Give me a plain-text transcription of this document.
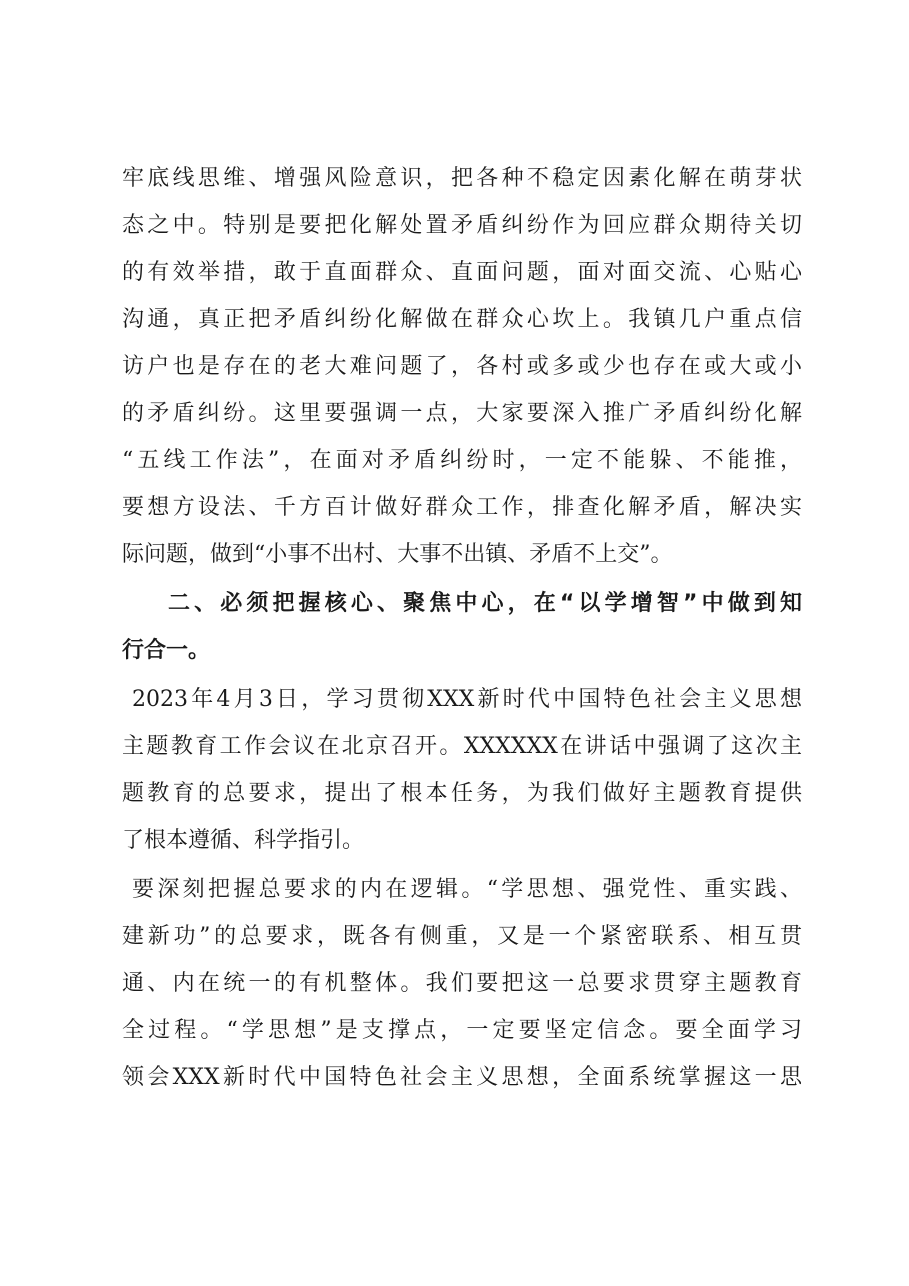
牢底线思维、增强风险意识，把各种不稳定因素化解在萌芽状
态之中。特别是要把化解处置矛盾纠纷作为回应群众期待关切
的有效举措，敢于直面群众、直面问题，面对面交流、心贴心
沟通，真正把矛盾纠纷化解做在群众心坎上。我镇几户重点信
访户也是存在的老大难问题了，各村或多或少也存在或大或小
的矛盾纠纷。这里要强调一点，大家要深入推广矛盾纠纷化解
“五线工作法”，在面对矛盾纠纷时，一定不能躲、不能推，
要想方设法、千方百计做好群众工作，排查化解矛盾，解决实
际问题，做到“小事不出村、大事不出镇、矛盾不上交”。
二、必须把握核心、聚焦中心，在“以学增智”中做到知
行合一。
2023年4月3日，学习贯彻XXX新时代中国特色社会主义思想
主题教育工作会议在北京召开。XXXXXX在讲话中强调了这次主
题教育的总要求，提出了根本任务，为我们做好主题教育提供
了根本遵循、科学指引。
要深刻把握总要求的内在逻辑。“学思想、强党性、重实践、
建新功”的总要求，既各有侧重，又是一个紧密联系、相互贯
通、内在统一的有机整体。我们要把这一总要求贯穿主题教育
全过程。“学思想”是支撑点，一定要坚定信念。要全面学习
领会XXX新时代中国特色社会主义思想，全面系统掌握这一思
